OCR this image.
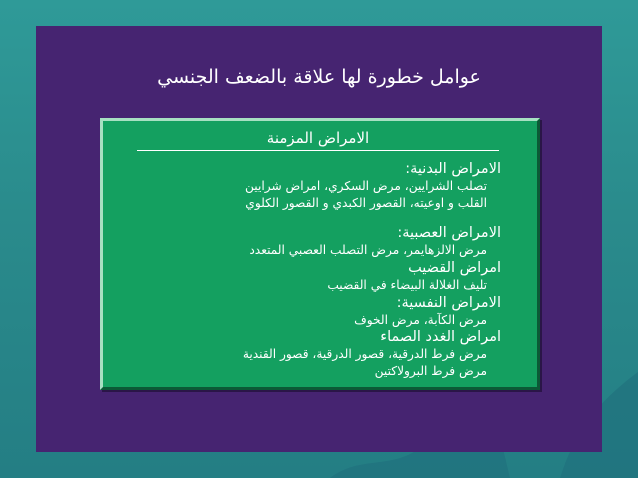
عوامل خطورة لها علاقة بالضعف الجنسي
الامراض المزمنة
الامراض البدنية:
تصلب الشرايين، مرض السكري، امراض شرايين
القلب و اوعيته، القصور الكبدي و القصور الكلوي
الامراض العصبية:
مرض الالزهايمر، مرض التصلب العصبي المتعدد
امراض القضيب
تليف الغلالة البيضاء في القضيب
الامراض النفسية:
مرض الكآبة، مرض الخوف
امراض الغدد الصماء
مرض فرط الدرقية، قصور الدرقية، قصور القندية
مرض فرط البرولاكتين
